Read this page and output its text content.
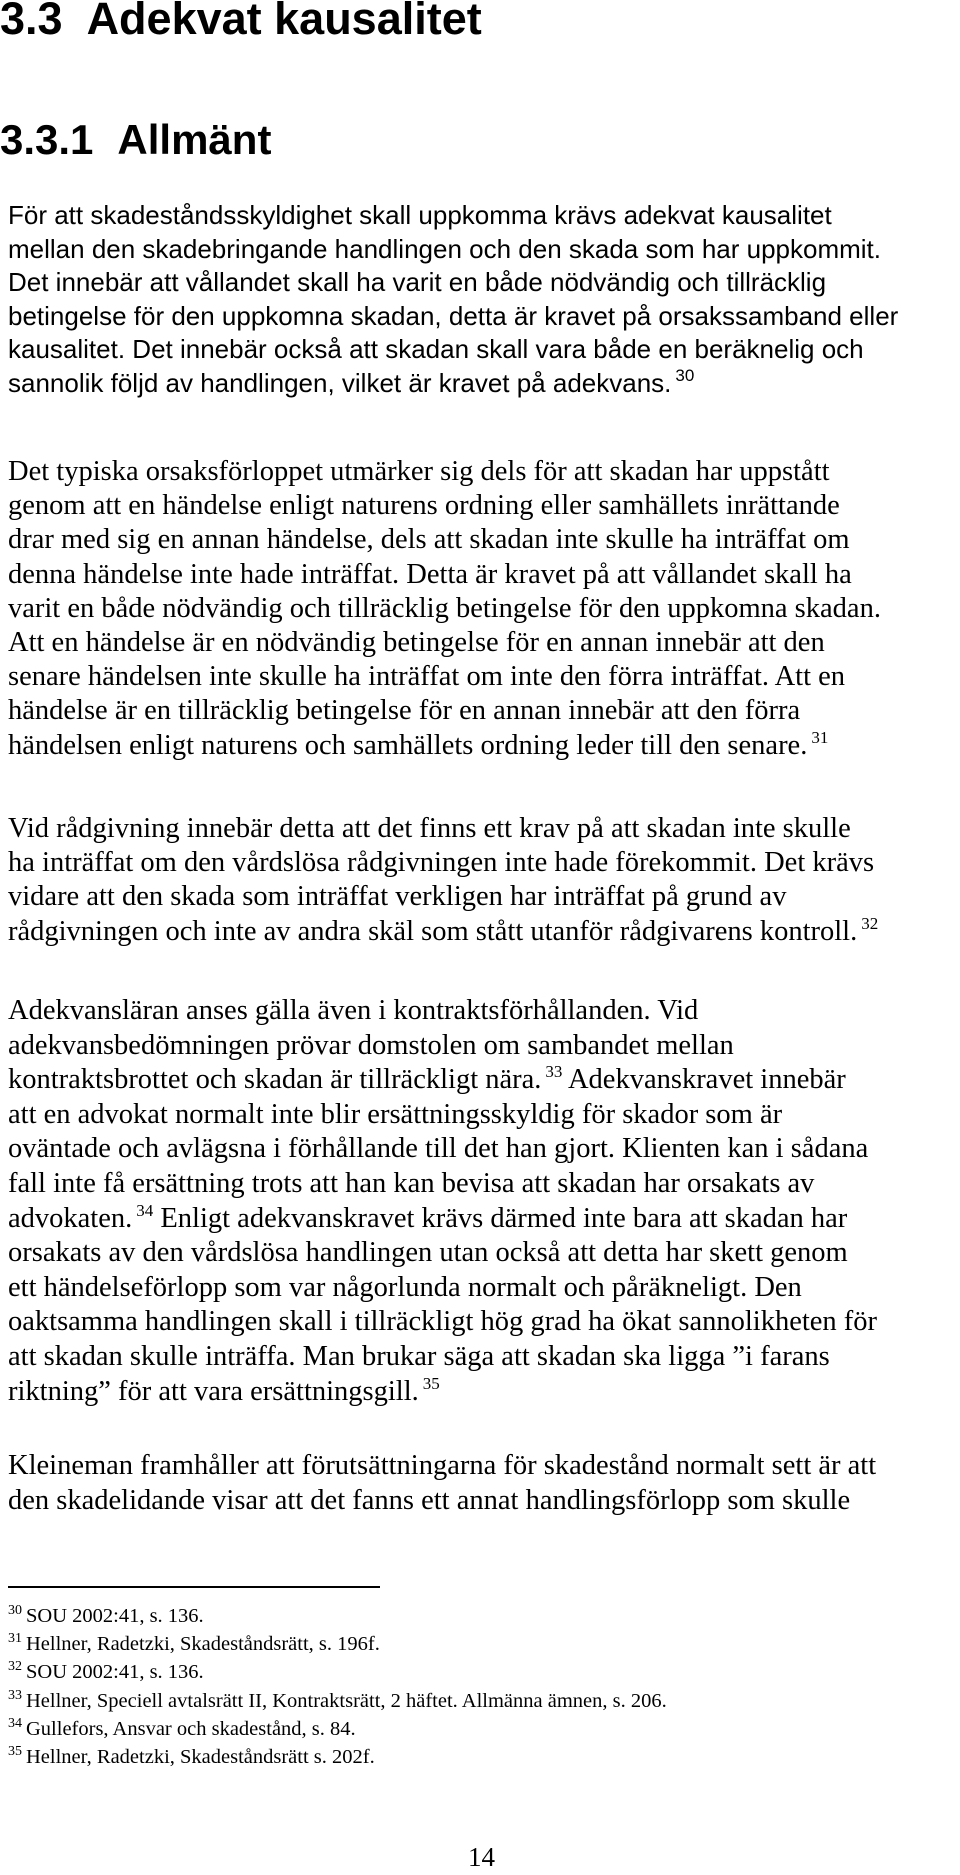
3.3 Adekvat kausalitet
3.3.1 Allmänt

För att skadeståndsskyldighet skall uppkomma krävs adekvat kausalitet
mellan den skadebringande handlingen och den skada som har uppkommit.
Det innebär att vållandet skall ha varit en både nödvändig och tillräcklig
betingelse för den uppkomna skadan, detta är kravet på orsakssamband eller
kausalitet. Det innebär också att skadan skall vara både en beräknelig och
sannolik följd av handlingen, vilket är kravet på adekvans. $^{30}$

Det typiska orsaksförloppet utmärker sig dels för att skadan har uppstått
genom att en händelse enligt naturens ordning eller samhällets inrättande
drar med sig en annan händelse, dels att skadan inte skulle ha inträffat om
denna händelse inte hade inträffat. Detta är kravet på att vållandet skall ha
varit en både nödvändig och tillräcklig betingelse för den uppkomna skadan.
Att en händelse är en nödvändig betingelse för en annan innebär att den
senare händelsen inte skulle ha inträffat om inte den förra inträffat. Att en
händelse är en tillräcklig betingelse för en annan innebär att den förra
händelsen enligt naturens och samhällets ordning leder till den senare. $^{31}$

Vid rådgivning innebär detta att det finns ett krav på att skadan inte skulle
ha inträffat om den vårdslösa rådgivningen inte hade förekommit. Det krävs
vidare att den skada som inträffat verkligen har inträffat på grund av
rådgivningen och inte av andra skäl som stått utanför rådgivarens kontroll. $^{32}$

Adekvansläran anses gälla även i kontraktsförhållanden. Vid
adekvansbedömningen prövar domstolen om sambandet mellan
kontraktsbrottet och skadan är tillräckligt nära. $^{33}$ Adekvanskravet innebär
att en advokat normalt inte blir ersättningsskyldig för skador som är
oväntade och avlägsna i förhållande till det han gjort. Klienten kan i sådana
fall inte få ersättning trots att han kan bevisa att skadan har orsakats av
advokaten. $^{34}$ Enligt adekvanskravet krävs därmed inte bara att skadan har
orsakats av den vårdslösa handlingen utan också att detta har skett genom
ett händelseförlopp som var någorlunda normalt och påräkneligt. Den
oaktsamma handlingen skall i tillräckligt hög grad ha ökat sannolikheten för
att skadan skulle inträffa. Man brukar säga att skadan ska ligga ”i farans
riktning” för att vara ersättningsgill. $^{35}$

Kleineman framhåller att förutsättningarna för skadestånd normalt sett är att
den skadelidande visar att det fanns ett annat handlingsförlopp som skulle

$^{30}$ SOU 2002:41, s. 136.
$^{31}$ Hellner, Radetzki, Skadeståndsrätt, s. 196f.
$^{32}$ SOU 2002:41, s. 136.
$^{33}$ Hellner, Speciell avtalsrätt II, Kontraktsrätt, 2 häftet. Allmänna ämnen, s. 206.
$^{34}$ Gullefors, Ansvar och skadestånd, s. 84.
$^{35}$ Hellner, Radetzki, Skadeståndsrätt s. 202f.
14
